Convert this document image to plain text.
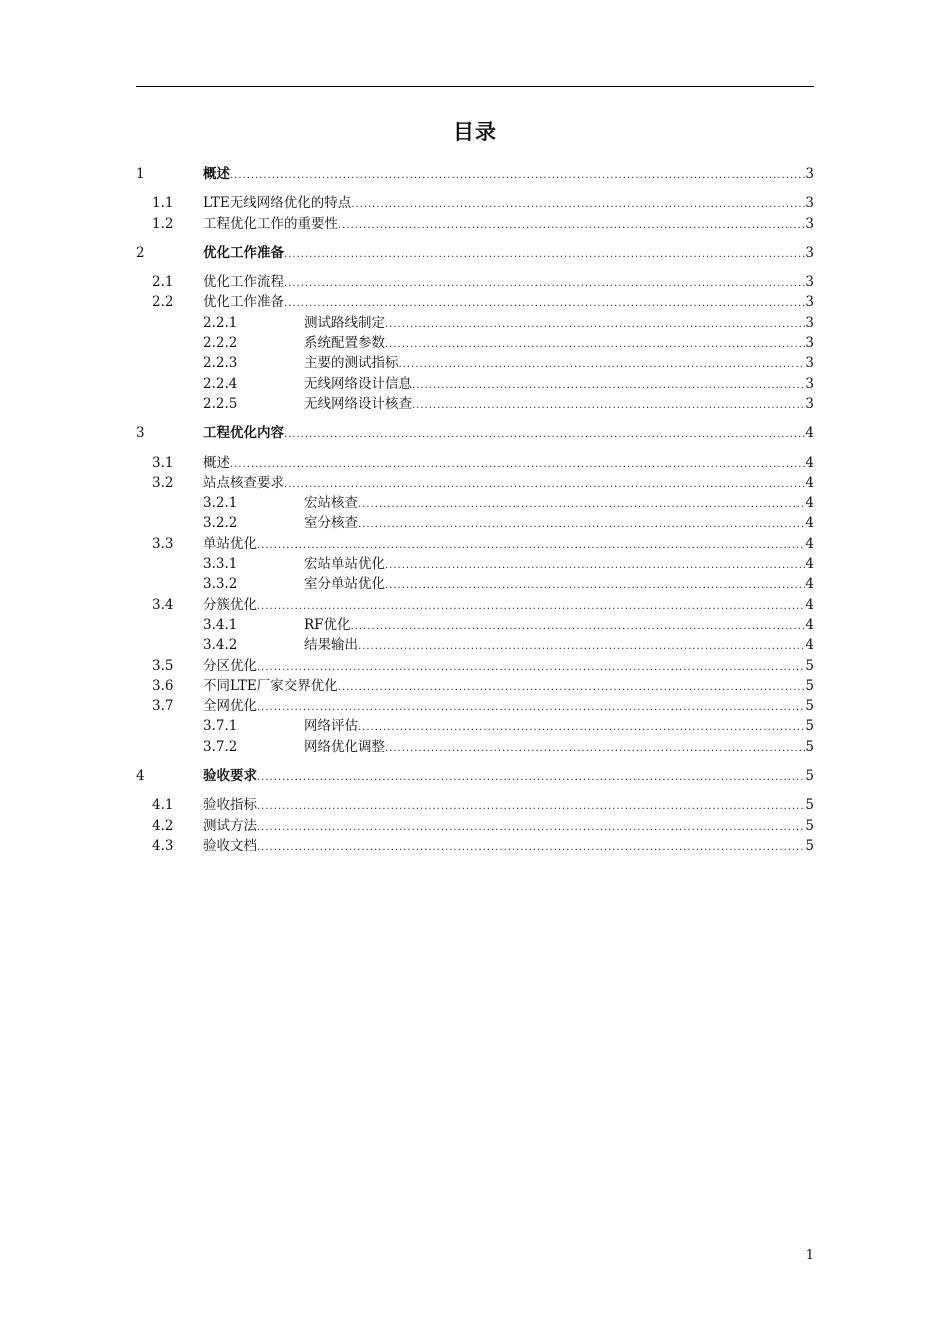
目录
1	概述 .....	3
1.1 LTE无线网络优化的特点 .....	3
1.2 工程优化工作的重要性 .....	3
2	优化工作准备 .....	3
2.1 优化工作流程 .....	3
2.2 优化工作准备 .....	3
2.2.1	测试路线制定 .....	3
2.2.2	系统配置参数 .....	3
2.2.3	主要的测试指标 .....	3
2.2.4	无线网络设计信息 .....	3
2.2.5	无线网络设计核查 .....	3
3	工程优化内容 .....	4
3.1 概述 .....	4
3.2 站点核查要求 .....	4
3.2.1	宏站核查 .....	4
3.2.2	室分核查 .....	4
3.3 单站优化 .....	4
3.3.1	宏站单站优化 .....	4
3.3.2	室分单站优化 .....	4
3.4 分簇优化 .....	4
3.4.1	RF优化 .....	4
3.4.2	结果输出 .....	4
3.5 分区优化 .....	5
3.6 不同LTE厂家交界优化 .....	5
3.7 全网优化 .....	5
3.7.1	网络评估 .....	5
3.7.2	网络优化调整 .....	5
4	验收要求 .....	5
4.1 验收指标 .....	5
4.2 测试方法 .....	5
4.3 验收文档 .....	5
1
